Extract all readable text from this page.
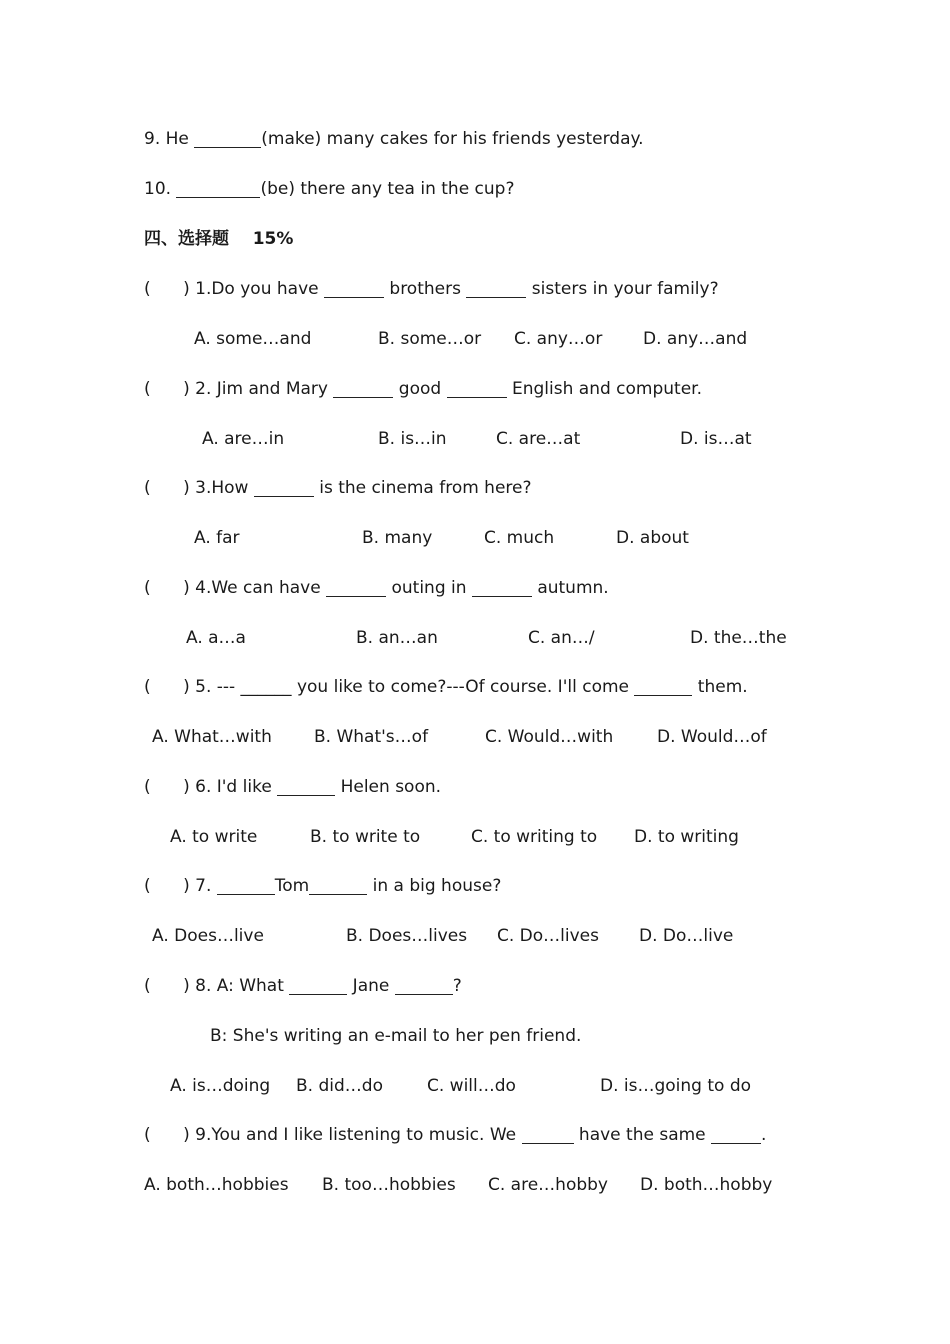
9. He	(make) many cakes for his friends yesterday.
10.	(be) there any tea in the cup?
四、选择题 15%
( ) 1.Do you have	brothers	sisters in your family?
A. some…and	B. some…or C. any…or D. any…and
( ) 2. Jim and Mary	good	English and computer.
A. are…in	B. is…in	C. are…at	D. is…at
( ) 3.How	is the cinema from here?
A. far	B. many	C. much	D. about
( ) 4.We can have	outing in	autumn.
A. a…a	B. an…an	C. an…/	D. the…the
( ) 5. --- ______ you like to come?---Of course. I'll come	them.
A. What…with B. What's…of	C. Would…with	D. Would…of
( ) 6. I'd like	Helen soon.
A. to write	B. to write to	C. to writing to D. to writing
( ) 7.	Tom	in a big house?
A. Does…live	B. Does…lives C. Do…lives D. Do…live
( ) 8. A: What	Jane	?
B: She's writing an e-mail to her pen friend.
A. is…doing B. did…do	C. will…do	D. is…going to do
( ) 9.You and I like listening to music. We	have the same	.
A. both…hobbies B. too…hobbies C. are…hobby D. both…hobby
